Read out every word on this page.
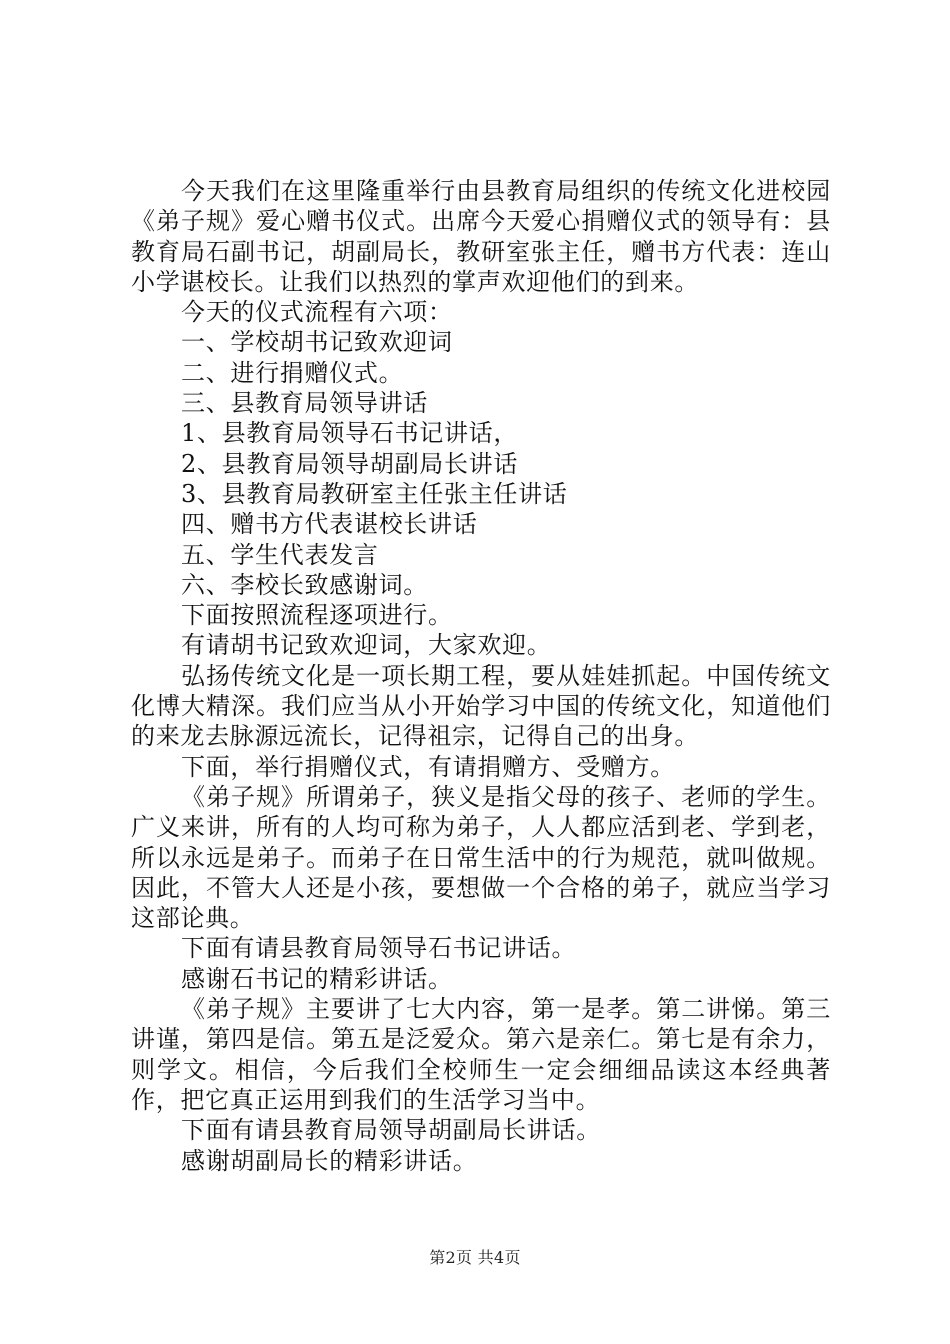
今天我们在这里隆重举行由县教育局组织的传统文化进校园《弟子规》爱心赠书仪式。出席今天爱心捐赠仪式的领导有：县教育局石副书记，胡副局长，教研室张主任，赠书方代表：连山小学谌校长。让我们以热烈的掌声欢迎他们的到来。

今天的仪式流程有六项：

一、学校胡书记致欢迎词

二、进行捐赠仪式。

三、县教育局领导讲话

1、县教育局领导石书记讲话，

2、县教育局领导胡副局长讲话

3、县教育局教研室主任张主任讲话

四、赠书方代表谌校长讲话

五、学生代表发言

六、李校长致感谢词。

下面按照流程逐项进行。

有请胡书记致欢迎词，大家欢迎。

弘扬传统文化是一项长期工程，要从娃娃抓起。中国传统文化博大精深。我们应当从小开始学习中国的传统文化，知道他们的来龙去脉源远流长，记得祖宗，记得自己的出身。

下面，举行捐赠仪式，有请捐赠方、受赠方。

《弟子规》所谓弟子，狭义是指父母的孩子、老师的学生。广义来讲，所有的人均可称为弟子，人人都应活到老、学到老，所以永远是弟子。而弟子在日常生活中的行为规范，就叫做规。因此，不管大人还是小孩，要想做一个合格的弟子，就应当学习这部论典。

下面有请县教育局领导石书记讲话。

感谢石书记的精彩讲话。

《弟子规》主要讲了七大内容，第一是孝。第二讲悌。第三讲谨，第四是信。第五是泛爱众。第六是亲仁。第七是有余力，则学文。相信，今后我们全校师生一定会细细品读这本经典著作，把它真正运用到我们的生活学习当中。

下面有请县教育局领导胡副局长讲话。

感谢胡副局长的精彩讲话。

第2页 共4页
